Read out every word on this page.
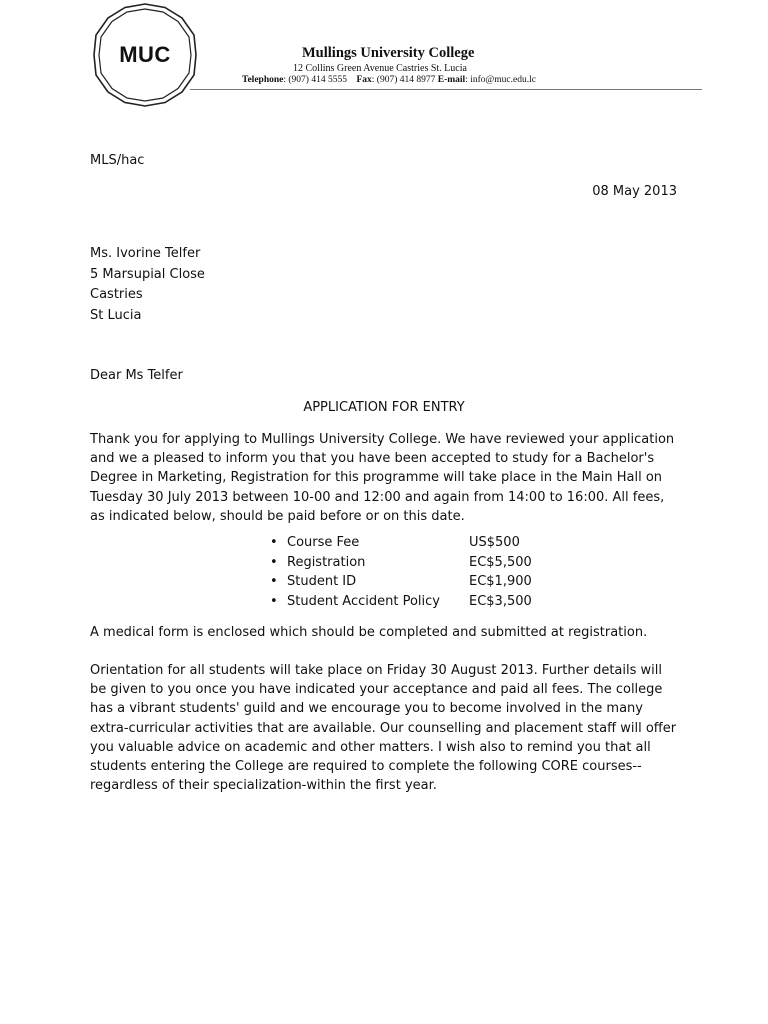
MUC	Mullings University College
12 Collins Green Avenue Castries St. Lucia
Telephone: (907) 414 5555 Fax: (907) 414 8977 E-mail: info@muc.edu.lc
MLS/hac
08 May 2013
Ms. Ivorine Telfer
5 Marsupial Close
Castries
St Lucia
Dear Ms Telfer
APPLICATION FOR ENTRY
Thank you for applying to Mullings University College. We have reviewed your application and we a pleased to inform you that you have been accepted to study for a Bachelor's Degree in Marketing, Registration for this programme will take place in the Main Hall on Tuesday 30 July 2013 between 10-00 and 12:00 and again from 14:00 to 16:00. All fees, as indicated below, should be paid before or on this date.
• Course Fee	US$500
• Registration	EC$5,500
• Student ID	EC$1,900
• Student Accident Policy EC$3,500
A medical form is enclosed which should be completed and submitted at registration.
Orientation for all students will take place on Friday 30 August 2013. Further details will be given to you once you have indicated your acceptance and paid all fees. The college has a vibrant students' guild and we encourage you to become involved in the many extra-curricular activities that are available. Our counselling and placement staff will offer you valuable advice on academic and other matters. I wish also to remind you that all students entering the College are required to complete the following CORE courses--regardless of their specialization-within the first year.
